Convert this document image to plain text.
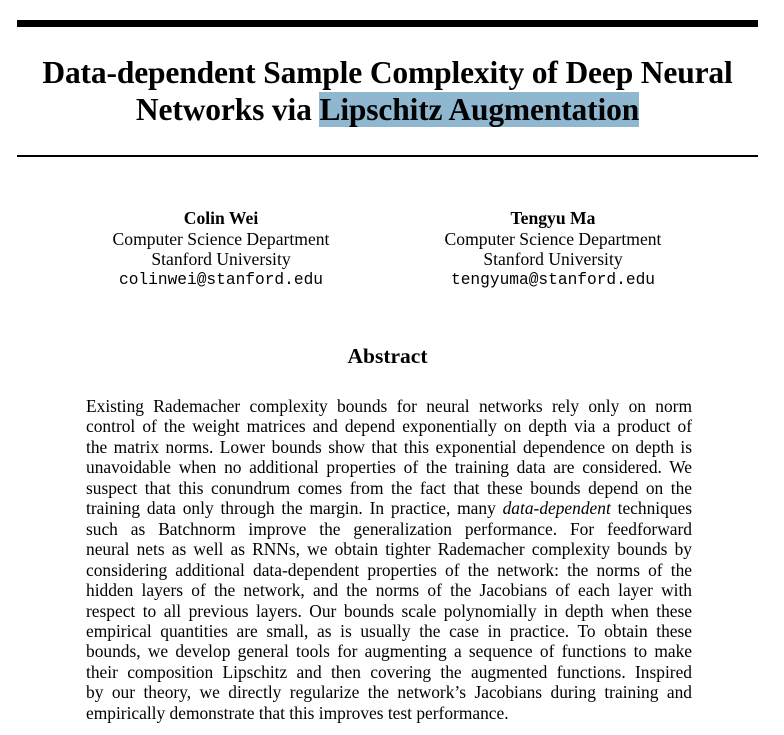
Data-dependent Sample Complexity of Deep Neural Networks via Lipschitz Augmentation
Colin Wei
Computer Science Department
Stanford University
colinwei@stanford.edu
Tengyu Ma
Computer Science Department
Stanford University
tengyuma@stanford.edu
Abstract
Existing Rademacher complexity bounds for neural networks rely only on norm
control of the weight matrices and depend exponentially on depth via a product of
the matrix norms. Lower bounds show that this exponential dependence on depth is
unavoidable when no additional properties of the training data are considered. We
suspect that this conundrum comes from the fact that these bounds depend on the
training data only through the margin. In practice, many data-dependent techniques
such as Batchnorm improve the generalization performance. For feedforward
neural nets as well as RNNs, we obtain tighter Rademacher complexity bounds by
considering additional data-dependent properties of the network: the norms of the
hidden layers of the network, and the norms of the Jacobians of each layer with
respect to all previous layers. Our bounds scale polynomially in depth when these
empirical quantities are small, as is usually the case in practice. To obtain these
bounds, we develop general tools for augmenting a sequence of functions to make
their composition Lipschitz and then covering the augmented functions. Inspired
by our theory, we directly regularize the network’s Jacobians during training and
empirically demonstrate that this improves test performance.
